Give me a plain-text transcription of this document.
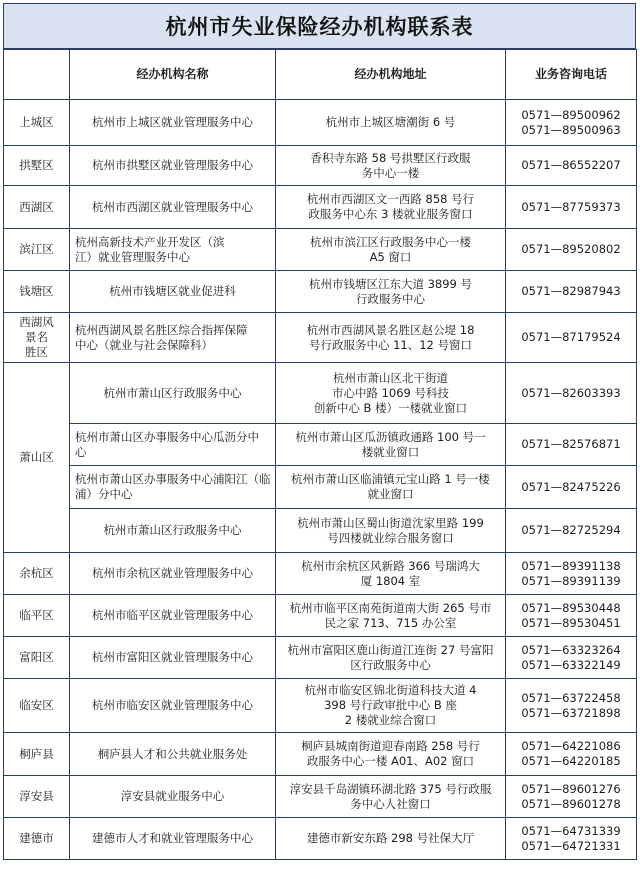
杭州市失业保险经办机构联系表
	经办机构名称	经办机构地址	业务咨询电话

上城区	杭州市上城区就业管理服务中心	杭州市上城区塘潮街 6 号	0571—89500962
0571—89500963

拱墅区	杭州市拱墅区就业管理服务中心	香积寺东路 58 号拱墅区行政服
务中心一楼	0571—86552207

西湖区	杭州市西湖区就业管理服务中心	杭州市西湖区文一西路 858 号行
政服务中心东 3 楼就业服务窗口	0571—87759373

滨江区	杭州高新技术产业开发区（滨
江）就业管理服务中心	杭州市滨江区行政服务中心一楼
A5 窗口	0571—89520802

钱塘区	杭州市钱塘区就业促进科	杭州市钱塘区江东大道 3899 号
行政服务中心	0571—82987943

西湖风
景名
胜区	杭州西湖风景名胜区综合指挥保障
中心（就业与社会保障科）	杭州市西湖风景名胜区赵公堤 18
号行政服务中心 11、12 号窗口	0571—87179524

萧山区	杭州市萧山区行政服务中心	杭州市萧山区北干街道
市心中路 1069 号科技
创新中心 B 楼）一楼就业窗口	0571—82603393

	杭州市萧山区办事服务中心瓜沥分中
心	杭州市萧山区瓜沥镇政通路 100 号一
楼就业窗口	0571—82576871

	杭州市萧山区办事服务中心浦阳江（临
浦）分中心	杭州市萧山区临浦镇元宝山路 1 号一楼
就业窗口	0571—82475226

	杭州市萧山区行政服务中心	杭州市萧山区蜀山街道沈家里路 199
号四楼就业综合服务窗口	0571—82725294

余杭区	杭州市余杭区就业管理服务中心	杭州市余杭区风新路 366 号瑞鸿大
厦 1804 室	0571—89391138
0571—89391139

临平区	杭州市临平区就业管理服务中心	杭州市临平区南苑街道南大街 265 号市
民之家 713、715 办公室	0571—89530448
0571—89530451

富阳区	杭州市富阳区就业管理服务中心	杭州市富阳区鹿山街道江连街 27 号富阳
区行政服务中心	0571—63323264
0571—63322149

临安区	杭州市临安区就业管理服务中心	杭州市临安区锦北街道科技大道 4
398 号行政审批中心 B 座
2 楼就业综合窗口	0571—63722458
0571—63721898

桐庐县	桐庐县人才和公共就业服务处	桐庐县城南街道迎春南路 258 号行
政服务中心一楼 A01、A02 窗口	0571—64221086
0571—64220185

淳安县	淳安县就业服务中心	淳安县千岛湖镇环湖北路 375 号行政服
务中心人社窗口	0571—89601276
0571—89601278

建德市	建德市人才和就业管理服务中心	建德市新安东路 298 号社保大厅	0571—64731339
0571—64721331
